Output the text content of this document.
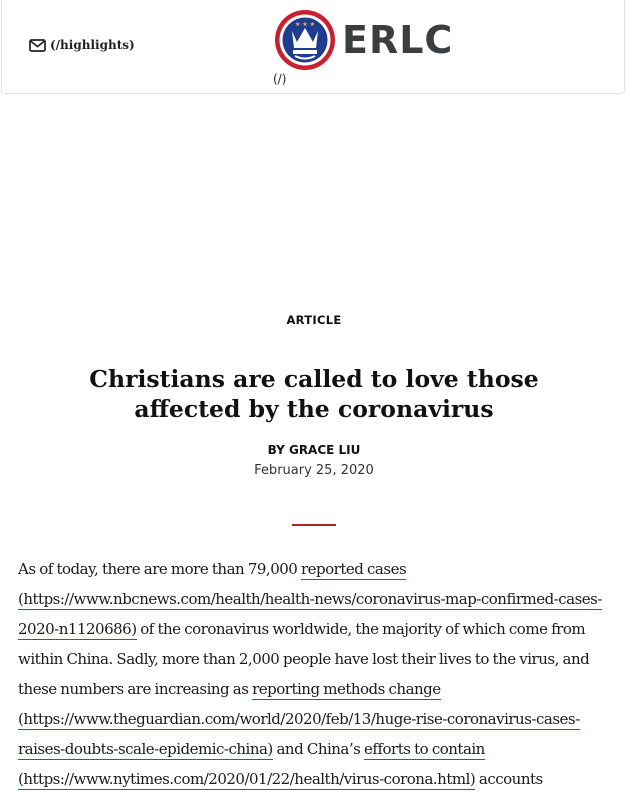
(/highlights)
★ ★ ★ ERLC
(/)
ARTICLE
Christians are called to love those affected by the coronavirus
BY GRACE LIU
February 25, 2020

As of today, there are more than 79,000 reported cases (https://www.nbcnews.com/health/health-news/coronavirus-map-confirmed-cases-2020-n1120686) of the coronavirus worldwide, the majority of which come from within China. Sadly, more than 2,000 people have lost their lives to the virus, and these numbers are increasing as reporting methods change (https://www.theguardian.com/world/2020/feb/13/huge-rise-coronavirus-cases-raises-doubts-scale-epidemic-china) and China’s efforts to contain (https://www.nytimes.com/2020/01/22/health/virus-corona.html) accounts
